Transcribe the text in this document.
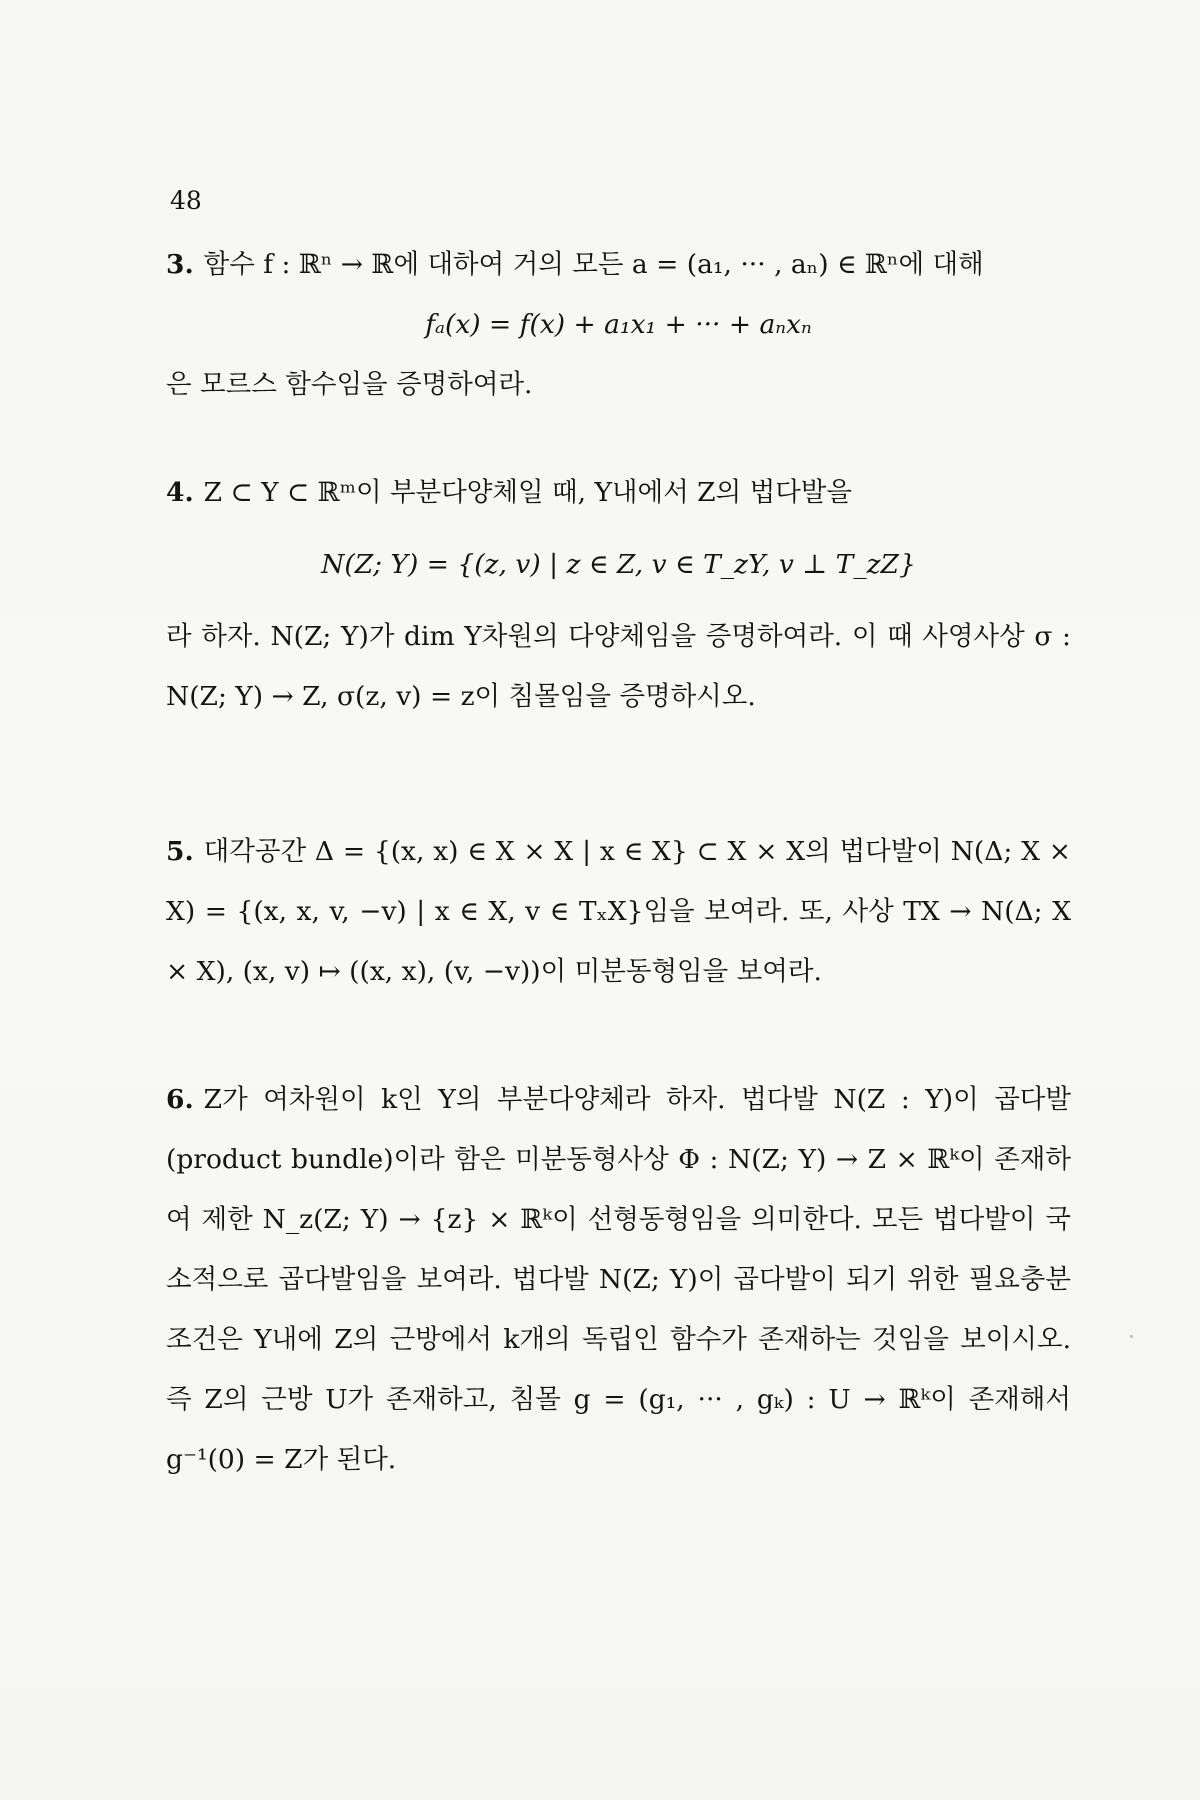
48

3. 함수 f : ℝⁿ → ℝ에 대하여 거의 모든 a = (a₁, ··· , aₙ) ∈ ℝⁿ에 대해

fₐ(x) = f(x) + a₁x₁ + ··· + aₙxₙ

은 모르스 함수임을 증명하여라.

4. Z ⊂ Y ⊂ ℝᵐ이 부분다양체일 때, Y내에서 Z의 법다발을

N(Z; Y) = {(z, v) | z ∈ Z, v ∈ T_zY, v ⊥ T_zZ}

라 하자. N(Z; Y)가 dim Y차원의 다양체임을 증명하여라. 이 때 사영사상 σ : N(Z; Y) → Z, σ(z, v) = z이 침몰임을 증명하시오.

5. 대각공간 Δ = {(x, x) ∈ X × X | x ∈ X} ⊂ X × X의 법다발이 N(Δ; X × X) = {(x, x, v, −v) | x ∈ X, v ∈ TₓX}임을 보여라. 또, 사상 TX → N(Δ; X × X), (x, v) ↦ ((x, x), (v, −v))이 미분동형임을 보여라.

6. Z가 여차원이 k인 Y의 부분다양체라 하자. 법다발 N(Z : Y)이 곱다발(product bundle)이라 함은 미분동형사상 Φ : N(Z; Y) → Z × ℝᵏ이 존재하여 제한 N_z(Z; Y) → {z} × ℝᵏ이 선형동형임을 의미한다. 모든 법다발이 국소적으로 곱다발임을 보여라. 법다발 N(Z; Y)이 곱다발이 되기 위한 필요충분조건은 Y내에 Z의 근방에서 k개의 독립인 함수가 존재하는 것임을 보이시오. 즉 Z의 근방 U가 존재하고, 침몰 g = (g₁, ··· , gₖ) : U → ℝᵏ이 존재해서 g⁻¹(0) = Z가 된다.
